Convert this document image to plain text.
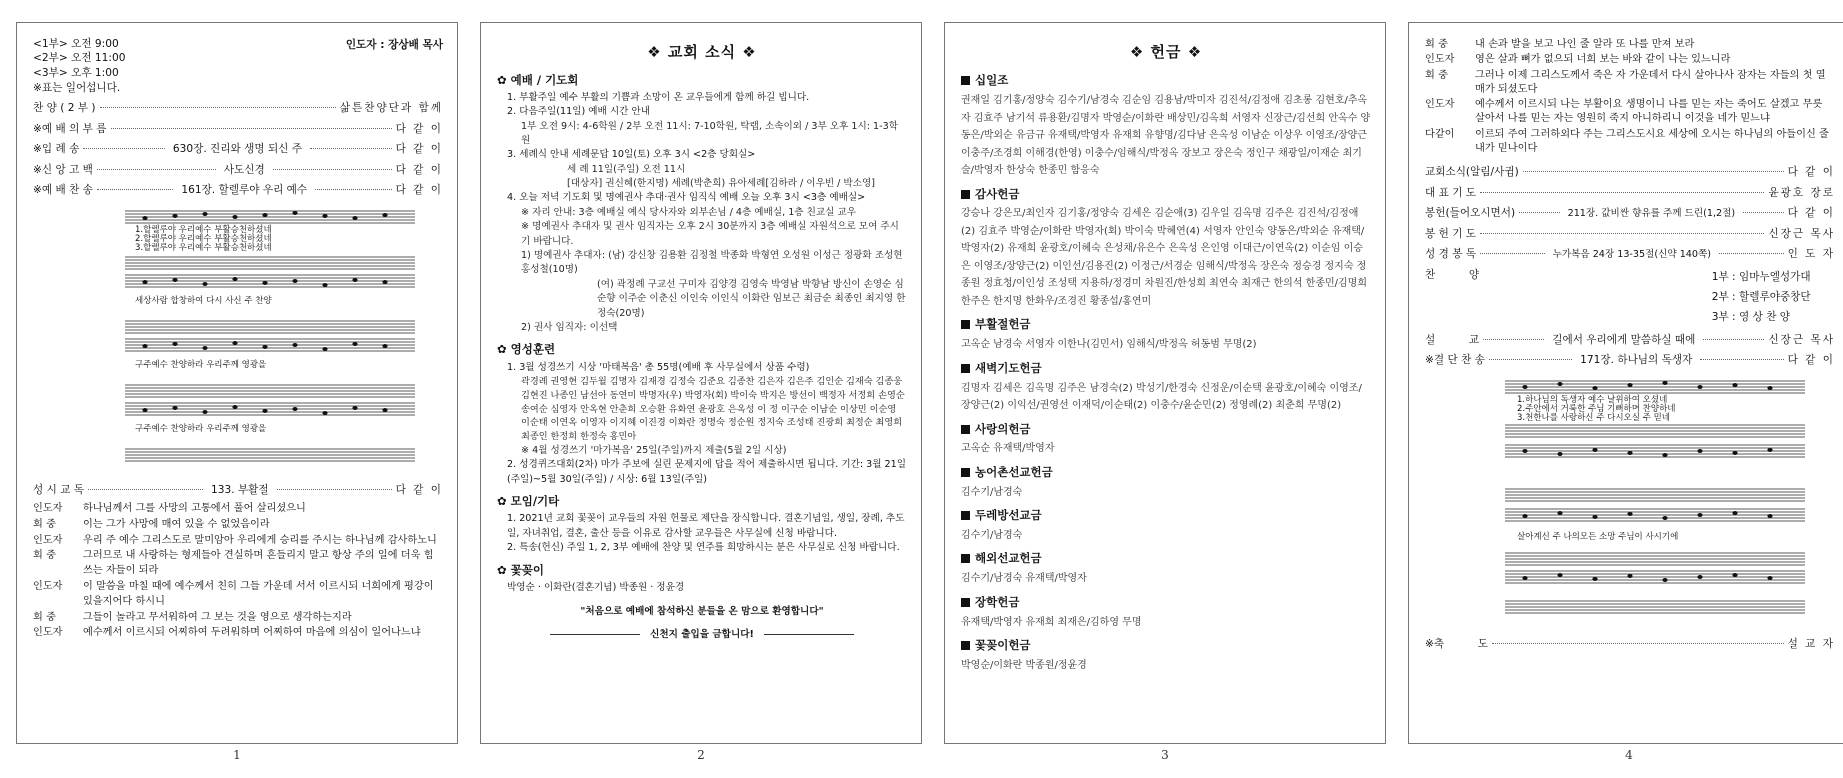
<1부> 오전 9:00
<2부> 오전 11:00
<3부> 오후 1:00
인도자 : 장상배 목사
※표는 일어섭니다.
찬 양 ( 2 부 )	삶튼찬양단과 함께
※예 배 의 부 름	다 같 이
※입 례 송	630장. 진리와 생명 되신 주	다 같 이
※신 앙 고 백	사도신경	다 같 이
※예 배 찬 송	161장. 할렐루야 우리 예수	다 같 이
1.할렐루야 우리예수 부활승천하셨네
2.할렐루야 우리예수 부활승천하셨네
3.할렐루야 우리예수 부활승천하셨네
세상사람 합창하여 다시 사신 주 찬양
구주예수 찬양하라 우리주께 영광을
구주예수 찬양하라 우리주께 영광을
성 시 교 독	133. 부활절	다 같 이
인도자	하나님께서 그를 사망의 고통에서 풀어 살리셨으니
회 중	이는 그가 사망에 매여 있을 수 없었음이라
인도자	우리 주 예수 그리스도로 말미암아 우리에게 승리를 주시는 하나님께 감사하노니
회 중	그러므로 내 사랑하는 형제들아 견실하며 흔들리지 말고 항상 주의 일에 더욱 힘쓰는 자들이 되라
인도자	이 말씀을 마칠 때에 예수께서 친히 그들 가운데 서서 이르시되 너희에게 평강이 있을지어다 하시니
회 중	그들이 놀라고 무서워하여 그 보는 것을 영으로 생각하는지라
인도자	예수께서 이르시되 어찌하여 두려워하며 어찌하여 마음에 의심이 일어나느냐
1
❖ 교회 소식 ❖
✿ 예배 / 기도회
1. 부활주일 예수 부활의 기쁨과 소망이 온 교우들에게 함께 하길 빕니다.
2. 다음주일(11일) 예배 시간 안내
1부 오전 9시: 4-6학원 / 2부 오전 11시: 7-10학원, 탁랩, 소속이외 / 3부 오후 1시: 1-3학원
3. 세례식 안내 세례문답 10일(토) 오후 3시 <2층 당회실>
세 례 11일(주일) 오전 11시
[대상자] 권신혜(한지명) 세례(박춘희) 유아세례[김하라 / 이우빈 / 박소영]
4. 오늘 저녁 기도회 및 명예권사 추대·권사 임직식 예배 오늘 오후 3시 <3층 예배실>
※ 자리 안내: 3층 예배실 예식 당사자와 외부손님 / 4층 예배실, 1층 친교실 교우
※ 명예권사 추대자 및 권사 임직자는 오후 2시 30분까지 3층 예배실 자원석으로 모여 주시기 바랍니다.
1) 명예권사 추대자: (남) 강신창 김용환 김정철 박종화 박형연 오성원 이성근 정광화 조성현 홍성철(10명)
(여) 곽정례 구교선 구미자 김양경 김영숙 박영남 박향남 방신이 손영순 심순향 이주순 이춘신 이인숙 이인식 이화란 임보근 최금순 최종인 최지영 한정숙(20명)
2) 권사 임직자: 이선택
✿ 영성훈련
1. 3월 성경쓰기 시상 '마태복음' 총 55명(예배 후 사무실에서 상품 수령)
곽경례 권영현 김두월 김명자 김재경 김정숙 김준요 김종찬 김은자 김은주 김인순 김재숙 김종웅 김현진 나종인 남선아 동연미 박명자(우) 박영자(회) 박이숙 박지은 방선이 백정자 서정희 손영순 송여순 심영자 안옥현 안춘희 오승환 유화연 윤광호 은옥성 이 정 이구순 이남순 이상민 이순영 이순태 이연옥 이영자 이지혜 이진경 이화란 정명숙 정순원 정지숙 조성태 진광희 최정순 최영희 최종인 한정희 한정숙 홍민아
※ 4월 성경쓰기 '마가복음' 25일(주일)까지 제출(5월 2일 시상)
2. 성경퀴즈대회(2차) 마가 주보에 실린 문제지에 답을 적어 제출하시면 됩니다. 기간: 3월 21일(주일)~5월 30일(주일) / 시상: 6월 13일(주일)
✿ 모임/기타
1. 2021년 교회 꽃꽂이 교우들의 자원 헌물로 제단을 장식합니다. 결혼기념일, 생일, 장례, 추도일, 자녀취업, 결혼, 출산 등을 이유로 감사할 교우들은 사무실에 신청 바랍니다.
2. 특송(헌신) 주일 1, 2, 3부 예배에 찬양 및 연주를 희망하시는 분은 사무실로 신청 바랍니다.
✿ 꽃꽂이
박영순 · 이화란(결혼기념) 박종원 · 정윤경
"처음으로 예배에 참석하신 분들을 온 맘으로 환영합니다"
신천지 출입을 금합니다!
2
❖ 헌금 ❖
십일조
권재일 김기홍/정양숙 김수기/남경숙 김순임 김용남/박미자 김진석/김정애 김초롱 김현호/추옥자 김효주 남기석 류용환/김명자 박영순/이화란 배상민/김옥희 서영자 신장근/김선희 안옥수 양동은/박외순 유금규 유재택/박영자 유재희 유향명/김다남 은옥성 이남순 이상우 이영조/장양근 이충주/조경희 이해경(한영) 이충수/임해식/박정옥 장보고 장은숙 정인구 채광일/이재순 최기술/박영자 한상숙 한종민 함응숙
감사헌금
강승나 강은모/최인자 김기홍/정양숙 김세은 김순애(3) 김우일 김옥명 김주은 김진석/김정애(2) 김효주 박영순/이화란 박영자(회) 박이숙 박혜연(4) 서영자 안인숙 양동은/박외순 유재택/박영자(2) 유재희 윤광호/이혜숙 은성채/유은수 은옥성 은인영 이대근/이연옥(2) 이순임 이승은 이영조/장양근(2) 이인선/김용진(2) 이정근/서경순 임해식/박정옥 장은숙 정승경 정지숙 정종원 정효청/이인성 조성택 지용하/정경미 차원진/한성희 최연숙 최재근 한의석 한종민/김명희 한주은 한지명 한화우/조경진 황종섭/홍연미
부활절헌금
고옥순 남경숙 서영자 이한나(김민서) 임해식/박정옥 허동범 무명(2)
새벽기도헌금
김명자 김세은 김옥명 김주은 남경숙(2) 박성기/한경숙 신정운/이순택 윤광호/이혜숙 이영조/장양근(2) 이익선/권영선 이재덕/이순태(2) 이충수/윤순민(2) 정영례(2) 최춘희 무명(2)
사랑의헌금
고옥순 유재택/박영자
농어촌선교헌금
김수기/남경숙
두레방선교금
김수기/남경숙
해외선교헌금
김수기/남경숙 유재택/박영자
장학헌금
유재택/박영자 유재희 최재은/김하영 무명
꽃꽂이헌금
박영순/이화란 박종원/정윤경
3
회 중	내 손과 발을 보고 나인 줄 알라 또 나를 만져 보라
인도자	영은 살과 뼈가 없으되 너희 보는 바와 같이 나는 있느니라
회 중	그러나 이제 그리스도께서 죽은 자 가운데서 다시 살아나사 잠자는 자들의 첫 열매가 되셨도다
인도자	예수께서 이르시되 나는 부활이요 생명이니 나를 믿는 자는 죽어도 살겠고 무릇 살아서 나를 믿는 자는 영원히 죽지 아니하리니 이것을 네가 믿느냐
다같이	이르되 주여 그러하외다 주는 그리스도시요 세상에 오시는 하나님의 아들이신 줄 내가 믿나이다
교회소식(알림/사귐)	다 같 이
대 표 기 도	윤광호 장로
봉헌(들어오시면서)	211장. 값비싼 향유를 주께 드린(1,2절)	다 같 이
봉 헌 기 도	신장근 목사
성 경 봉 독	누가복음 24장 13-35절(신약 140쪽)	인 도 자
찬          양	1부 : 임마누엘성가대
2부 : 할렐루야중창단
3부 : 영 상 찬 양
설          교	길에서 우리에게 말씀하실 때에	신장근 목사
※결 단 찬 송	171장. 하나님의 독생자	다 같 이
1.하나님의 독생자 예수 날위하여 오셨네
2.주안에서 거룩한 주님 기뻐하며 찬양하네
3.천한나를 사랑하신 주 다시오실 주 믿네
살아계신 주 나의모든 소망 주님이 사시기에
※축          도	설 교 자
4
